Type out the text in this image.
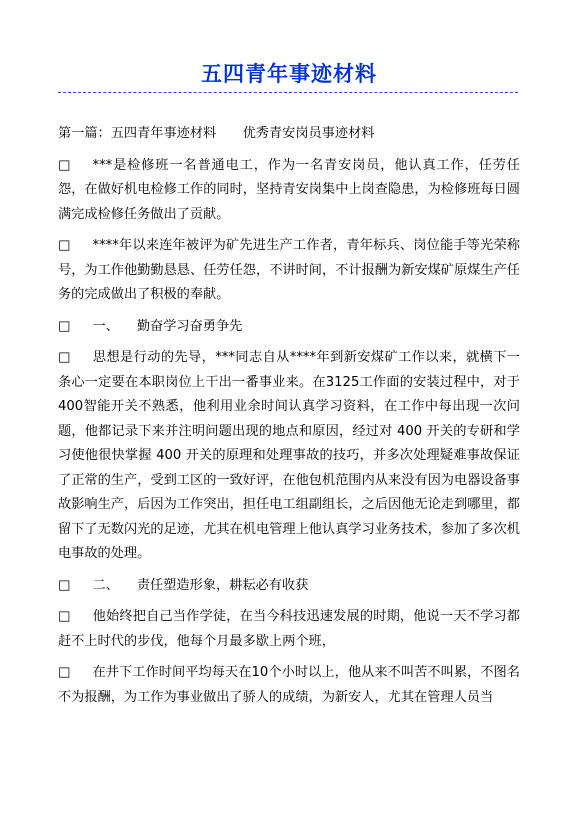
五四青年事迹材料

第一篇：五四青年事迹材料　　优秀青安岗员事迹材料

□ ***是检修班一名普通电工，作为一名青安岗员，他认真工作，任劳任怨，在做好机电检修工作的同时，坚持青安岗集中上岗查隐患，为检修班每日圆满完成检修任务做出了贡献。

□ ****年以来连年被评为矿先进生产工作者，青年标兵、岗位能手等光荣称号，为工作他勤勤恳恳、任劳任怨，不讲时间，不计报酬为新安煤矿原煤生产任务的完成做出了积极的奉献。

□ 一、 勤奋学习奋勇争先

□ 思想是行动的先导，***同志自从****年到新安煤矿工作以来，就横下一条心一定要在本职岗位上干出一番事业来。在3125工作面的安装过程中，对于400智能开关不熟悉，他利用业余时间认真学习资料，在工作中每出现一次问题，他都记录下来并注明问题出现的地点和原因，经过对 400 开关的专研和学习使他很快掌握 400 开关的原理和处理事故的技巧，并多次处理疑难事故保证了正常的生产，受到工区的一致好评，在他包机范围内从来没有因为电器设备事故影响生产，后因为工作突出，担任电工组副组长，之后因他无论走到哪里，都留下了无数闪光的足迹，尤其在机电管理上他认真学习业务技术，参加了多次机电事故的处理。

□ 二、 责任塑造形象，耕耘必有收获

□ 他始终把自己当作学徒，在当今科技迅速发展的时期，他说一天不学习都赶不上时代的步伐，他每个月最多歇上两个班，

□ 在井下工作时间平均每天在10个小时以上，他从来不叫苦不叫累，不图名不为报酬，为工作为事业做出了骄人的成绩，为新安人，尤其在管理人员当
